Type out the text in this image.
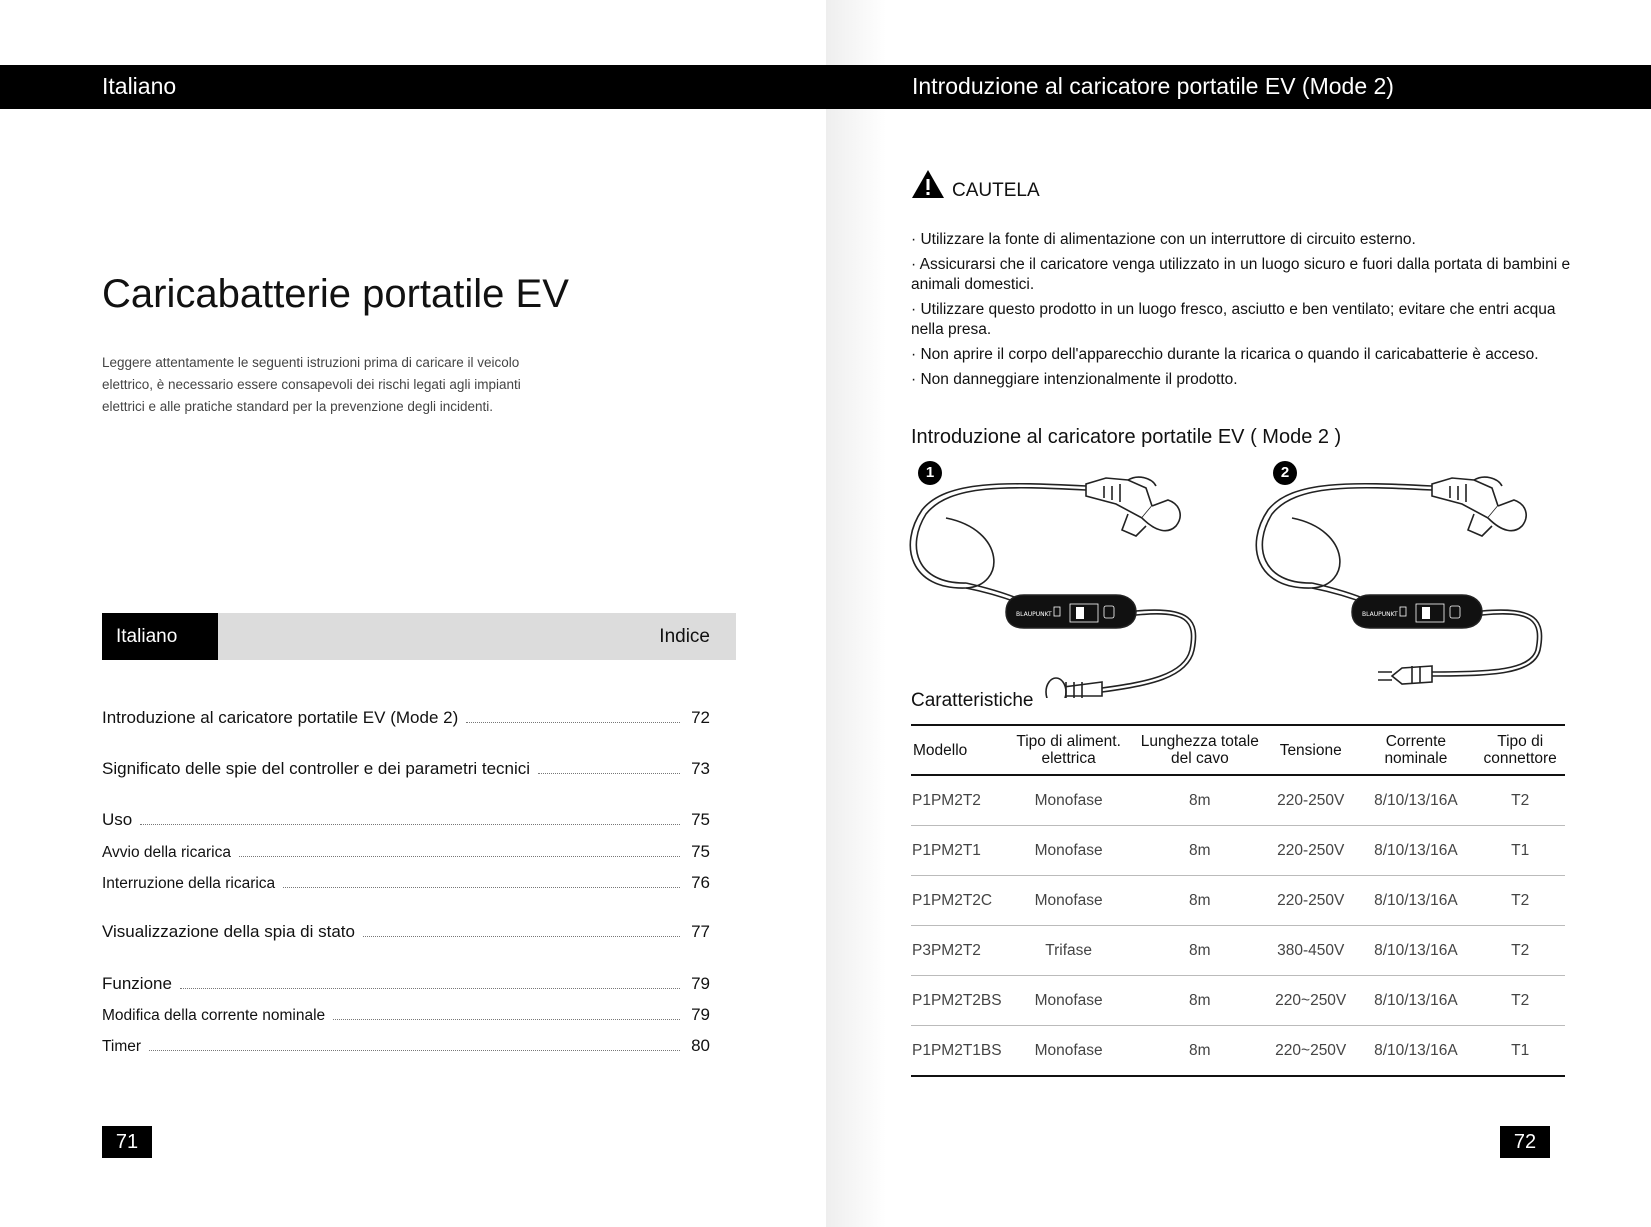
Italiano	Introduzione al caricatore portatile EV (Mode 2)
Caricabatterie portatile EV
Leggere attentamente le seguenti istruzioni prima di caricare il veicolo elettrico, è necessario essere consapevoli dei rischi legati agli impianti elettrici e alle pratiche standard per la prevenzione degli incidenti.
Italiano	Indice
Introduzione al caricatore portatile EV (Mode 2)	72
Significato delle spie del controller e dei parametri tecnici	73
Uso	75
Avvio della ricarica	75
Interruzione della ricarica	76
Visualizzazione della spia di stato	77
Funzione	79
Modifica della corrente nominale	79
Timer	80
71
CAUTELA
· Utilizzare la fonte di alimentazione con un interruttore di circuito esterno.
· Assicurarsi che il caricatore venga utilizzato in un luogo sicuro e fuori dalla portata di bambini e animali domestici.
· Utilizzare questo prodotto in un luogo fresco, asciutto e ben ventilato; evitare che entri acqua nella presa.
· Non aprire il corpo dell'apparecchio durante la ricarica o quando il caricabatterie è acceso.
· Non danneggiare intenzionalmente il prodotto.
Introduzione al caricatore portatile EV ( Mode 2 )
1	2
BLAUPUNKT	BLAUPUNKT
Caratteristiche
Modello	Tipo di aliment. elettrica	Lunghezza totale del cavo	Tensione	Corrente nominale	Tipo di connettore
P1PM2T2	Monofase	8m	220-250V	8/10/13/16A	T2
P1PM2T1	Monofase	8m	220-250V	8/10/13/16A	T1
P1PM2T2C	Monofase	8m	220-250V	8/10/13/16A	T2
P3PM2T2	Trifase	8m	380-450V	8/10/13/16A	T2
P1PM2T2BS	Monofase	8m	220~250V	8/10/13/16A	T2
P1PM2T1BS	Monofase	8m	220~250V	8/10/13/16A	T1
72
